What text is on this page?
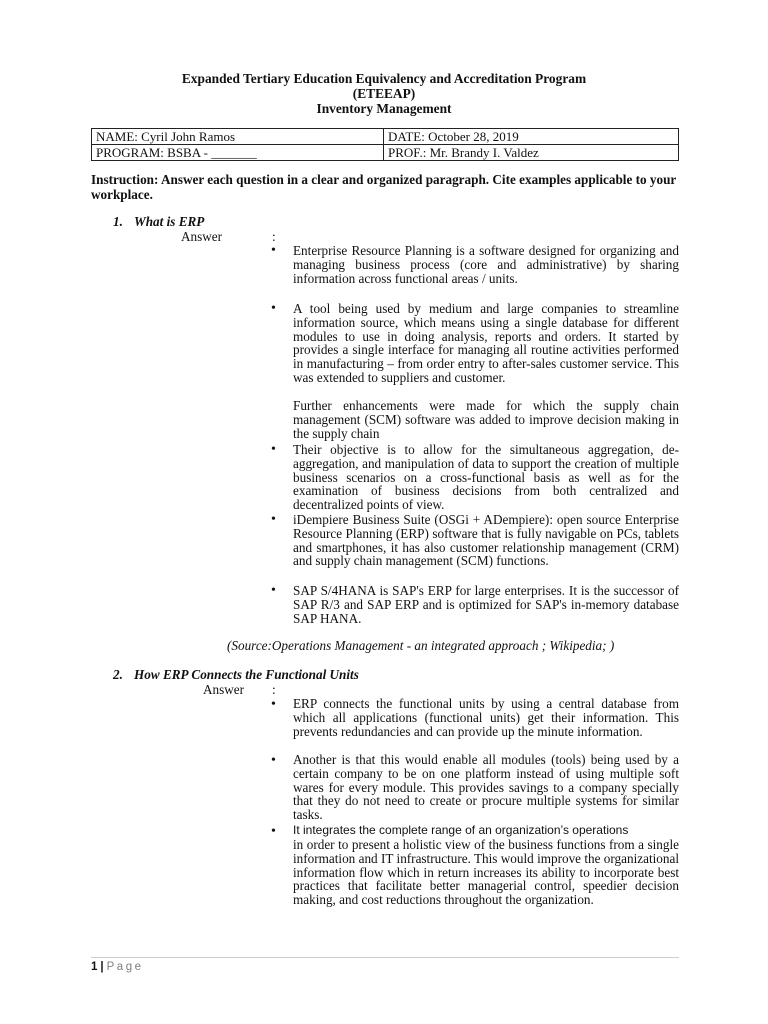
Expanded Tertiary Education Equivalency and Accreditation Program
(ETEEAP)
Inventory Management
NAME: Cyril John Ramos	DATE: October 28, 2019
PROGRAM: BSBA - _______	PROF.: Mr. Brandy I. Valdez
Instruction: Answer each question in a clear and organized paragraph. Cite examples applicable to your workplace.
1. What is ERP
Answer	:
• Enterprise Resource Planning is a software designed for organizing and managing business process (core and administrative) by sharing information across functional areas / units.
• A tool being used by medium and large companies to streamline information source, which means using a single database for different modules to use in doing analysis, reports and orders. It started by provides a single interface for managing all routine activities performed in manufacturing – from order entry to after-sales customer service. This was extended to suppliers and customer.
Further enhancements were made for which the supply chain management (SCM) software was added to improve decision making in the supply chain
• Their objective is to allow for the simultaneous aggregation, de-aggregation, and manipulation of data to support the creation of multiple business scenarios on a cross-functional basis as well as for the examination of business decisions from both centralized and decentralized points of view.
• iDempiere Business Suite (OSGi + ADempiere): open source Enterprise Resource Planning (ERP) software that is fully navigable on PCs, tablets and smartphones, it has also customer relationship management (CRM) and supply chain management (SCM) functions.
• SAP S/4HANA is SAP's ERP for large enterprises. It is the successor of SAP R/3 and SAP ERP and is optimized for SAP's in-memory database SAP HANA.
(Source:Operations Management - an integrated approach ; Wikipedia; )
2. How ERP Connects the Functional Units
Answer :
• ERP connects the functional units by using a central database from which all applications (functional units) get their information. This prevents redundancies and can provide up the minute information.
• Another is that this would enable all modules (tools) being used by a certain company to be on one platform instead of using multiple soft wares for every module. This provides savings to a company specially that they do not need to create or procure multiple systems for similar tasks.
• It integrates the complete range of an organization’s operations
in order to present a holistic view of the business functions from a single information and IT infrastructure. This would improve the organizational information flow which in return increases its ability to incorporate best practices that facilitate better managerial control, speedier decision making, and cost reductions throughout the organization.
1 | Page
